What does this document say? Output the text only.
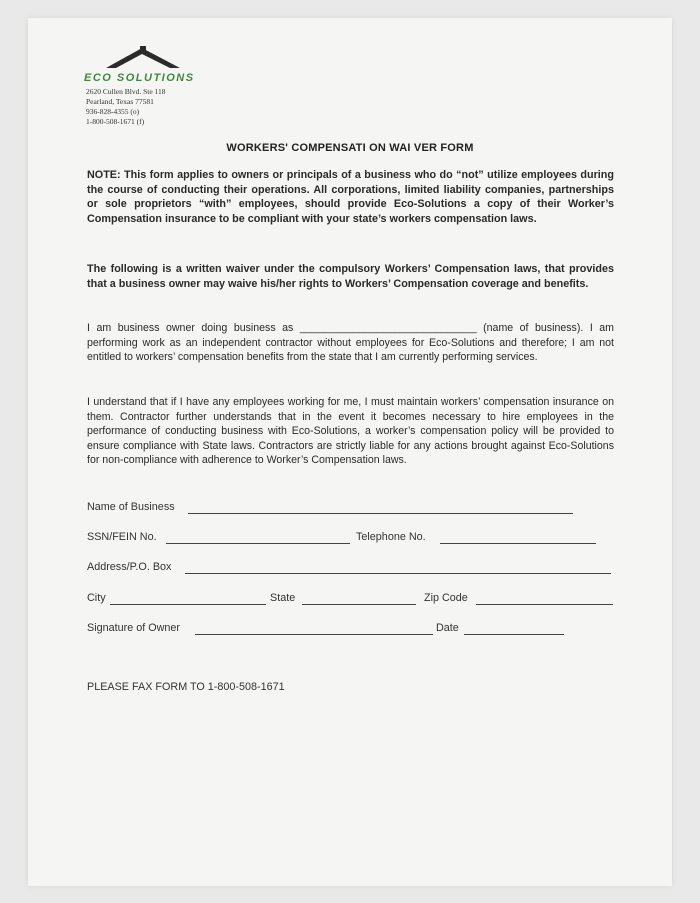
ECO SOLUTIONS
2620 Cullen Blvd. Ste 118
Pearland, Texas 77581
936-828-4355 (o)
1-800-508-1671 (f)
WORKERS' COMPENSATI ON WAI VER FORM
NOTE: This form applies to owners or principals of a business who do “not” utilize employees during the course of conducting their operations. All corporations, limited liability companies, partnerships or sole proprietors “with” employees, should provide Eco-Solutions a copy of their Worker’s Compensation insurance to be compliant with your state’s workers compensation laws.
The following is a written waiver under the compulsory Workers’ Compensation laws, that provides that a business owner may waive his/her rights to Workers’ Compensation coverage and benefits.
I am business owner doing business as ______________________________ (name of business). I am performing work as an independent contractor without employees for Eco-Solutions and therefore; I am not entitled to workers’ compensation benefits from the state that I am currently performing services.
I understand that if I have any employees working for me, I must maintain workers’ compensation insurance on them. Contractor further understands that in the event it becomes necessary to hire employees in the performance of conducting business with Eco-Solutions, a worker’s compensation policy will be provided to ensure compliance with State laws. Contractors are strictly liable for any actions brought against Eco-Solutions for non-compliance with adherence to Worker’s Compensation laws.
Name of Business
SSN/FEIN No.	Telephone No.
Address/P.O. Box
City	State	Zip Code
Signature of Owner	Date
PLEASE FAX FORM TO 1-800-508-1671
